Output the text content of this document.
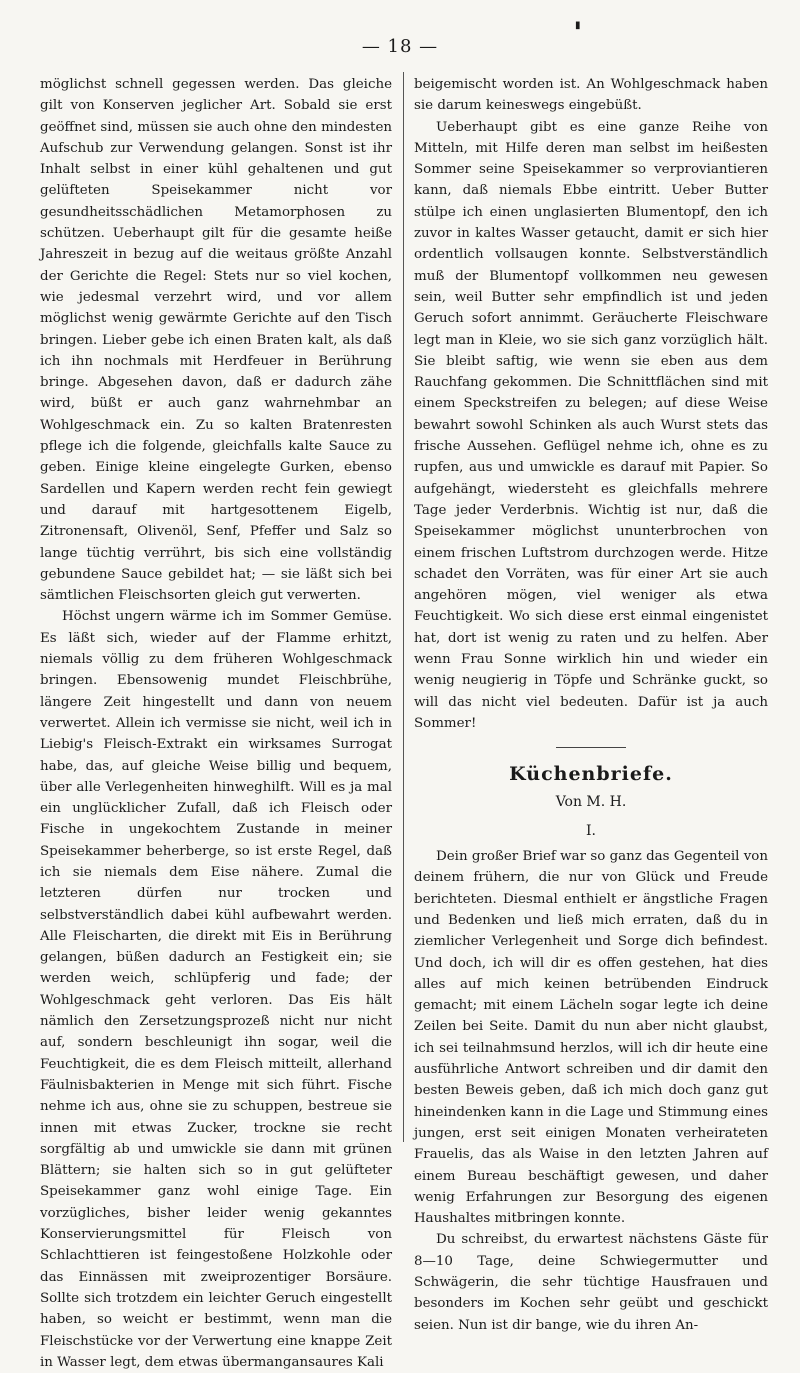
▮
— 18 —

möglichst schnell gegessen werden. Das gleiche gilt von Konserven jeglicher Art. Sobald sie erst geöffnet sind, müssen sie auch ohne den mindesten Aufschub zur Verwendung gelangen. Sonst ist ihr Inhalt selbst in einer kühl gehaltenen und gut gelüfteten Speisekammer nicht vor gesundheitsschädlichen Metamorphosen zu schützen. Ueberhaupt gilt für die gesamte heiße Jahreszeit in bezug auf die weitaus größte Anzahl der Gerichte die Regel: Stets nur so viel kochen, wie jedesmal verzehrt wird, und vor allem möglichst wenig gewärmte Gerichte auf den Tisch bringen. Lieber gebe ich einen Braten kalt, als daß ich ihn nochmals mit Herdfeuer in Berührung bringe. Abgesehen davon, daß er dadurch zähe wird, büßt er auch ganz wahrnehmbar an Wohlgeschmack ein. Zu so kalten Bratenresten pflege ich die folgende, gleichfalls kalte Sauce zu geben. Einige kleine eingelegte Gurken, ebenso Sardellen und Kapern werden recht fein gewiegt und darauf mit hartgesottenem Eigelb, Zitronensaft, Olivenöl, Senf, Pfeffer und Salz so lange tüchtig verrührt, bis sich eine vollständig gebundene Sauce gebildet hat; — sie läßt sich bei sämtlichen Fleischsorten gleich gut verwerten.

Höchst ungern wärme ich im Sommer Gemüse. Es läßt sich, wieder auf der Flamme erhitzt, niemals völlig zu dem früheren Wohlgeschmack bringen. Ebensowenig mundet Fleischbrühe, längere Zeit hingestellt und dann von neuem verwertet. Allein ich vermisse sie nicht, weil ich in Liebig's Fleisch-Extrakt ein wirksames Surrogat habe, das, auf gleiche Weise billig und bequem, über alle Verlegenheiten hinweghilft. Will es ja mal ein unglücklicher Zufall, daß ich Fleisch oder Fische in ungekochtem Zustande in meiner Speisekammer beherberge, so ist erste Regel, daß ich sie niemals dem Eise nähere. Zumal die letzteren dürfen nur trocken und selbstverständlich dabei kühl aufbewahrt werden. Alle Fleischarten, die direkt mit Eis in Berührung gelangen, büßen dadurch an Festigkeit ein; sie werden weich, schlüpferig und fade; der Wohlgeschmack geht verloren. Das Eis hält nämlich den Zersetzungsprozeß nicht nur nicht auf, sondern beschleunigt ihn sogar, weil die Feuchtigkeit, die es dem Fleisch mitteilt, allerhand Fäulnisbakterien in Menge mit sich führt. Fische nehme ich aus, ohne sie zu schuppen, bestreue sie innen mit etwas Zucker, trockne sie recht sorgfältig ab und umwickle sie dann mit grünen Blättern; sie halten sich so in gut gelüfteter Speisekammer ganz wohl einige Tage. Ein vorzügliches, bisher leider wenig gekanntes Konservierungsmittel für Fleisch von Schlachttieren ist feingestoßene Holzkohle oder das Einnässen mit zweiprozentiger Borsäure. Sollte sich trotzdem ein leichter Geruch eingestellt haben, so weicht er bestimmt, wenn man die Fleischstücke vor der Verwertung eine knappe Zeit in Wasser legt, dem etwas übermangansaures Kali

beigemischt worden ist. An Wohlgeschmack haben sie darum keineswegs eingebüßt.

Ueberhaupt gibt es eine ganze Reihe von Mitteln, mit Hilfe deren man selbst im heißesten Sommer seine Speisekammer so verproviantieren kann, daß niemals Ebbe eintritt. Ueber Butter stülpe ich einen unglasierten Blumentopf, den ich zuvor in kaltes Wasser getaucht, damit er sich hier ordentlich vollsaugen konnte. Selbstverständlich muß der Blumentopf vollkommen neu gewesen sein, weil Butter sehr empfindlich ist und jeden Geruch sofort annimmt. Geräucherte Fleischware legt man in Kleie, wo sie sich ganz vorzüglich hält. Sie bleibt saftig, wie wenn sie eben aus dem Rauchfang gekommen. Die Schnittflächen sind mit einem Speckstreifen zu belegen; auf diese Weise bewahrt sowohl Schinken als auch Wurst stets das frische Aussehen. Geflügel nehme ich, ohne es zu rupfen, aus und umwickle es darauf mit Papier. So aufgehängt, wiedersteht es gleichfalls mehrere Tage jeder Verderbnis. Wichtig ist nur, daß die Speisekammer möglichst ununterbrochen von einem frischen Luftstrom durchzogen werde. Hitze schadet den Vorräten, was für einer Art sie auch angehören mögen, viel weniger als etwa Feuchtigkeit. Wo sich diese erst einmal eingenistet hat, dort ist wenig zu raten und zu helfen. Aber wenn Frau Sonne wirklich hin und wieder ein wenig neugierig in Töpfe und Schränke guckt, so will das nicht viel bedeuten. Dafür ist ja auch Sommer!

Küchenbriefe.
Von M. H.
I.

Dein großer Brief war so ganz das Gegenteil von deinem frühern, die nur von Glück und Freude berichteten. Diesmal enthielt er ängstliche Fragen und Bedenken und ließ mich erraten, daß du in ziemlicher Verlegenheit und Sorge dich befindest. Und doch, ich will dir es offen gestehen, hat dies alles auf mich keinen betrübenden Eindruck gemacht; mit einem Lächeln sogar legte ich deine Zeilen bei Seite. Damit du nun aber nicht glaubst, ich sei teilnahmsund herzlos, will ich dir heute eine ausführliche Antwort schreiben und dir damit den besten Beweis geben, daß ich mich doch ganz gut hineindenken kann in die Lage und Stimmung eines jungen, erst seit einigen Monaten verheirateten Frauelis, das als Waise in den letzten Jahren auf einem Bureau beschäftigt gewesen, und daher wenig Erfahrungen zur Besorgung des eigenen Haushaltes mitbringen konnte.

Du schreibst, du erwartest nächstens Gäste für 8—10 Tage, deine Schwiegermutter und Schwägerin, die sehr tüchtige Hausfrauen und besonders im Kochen sehr geübt und geschickt seien. Nun ist dir bange, wie du ihren An-
